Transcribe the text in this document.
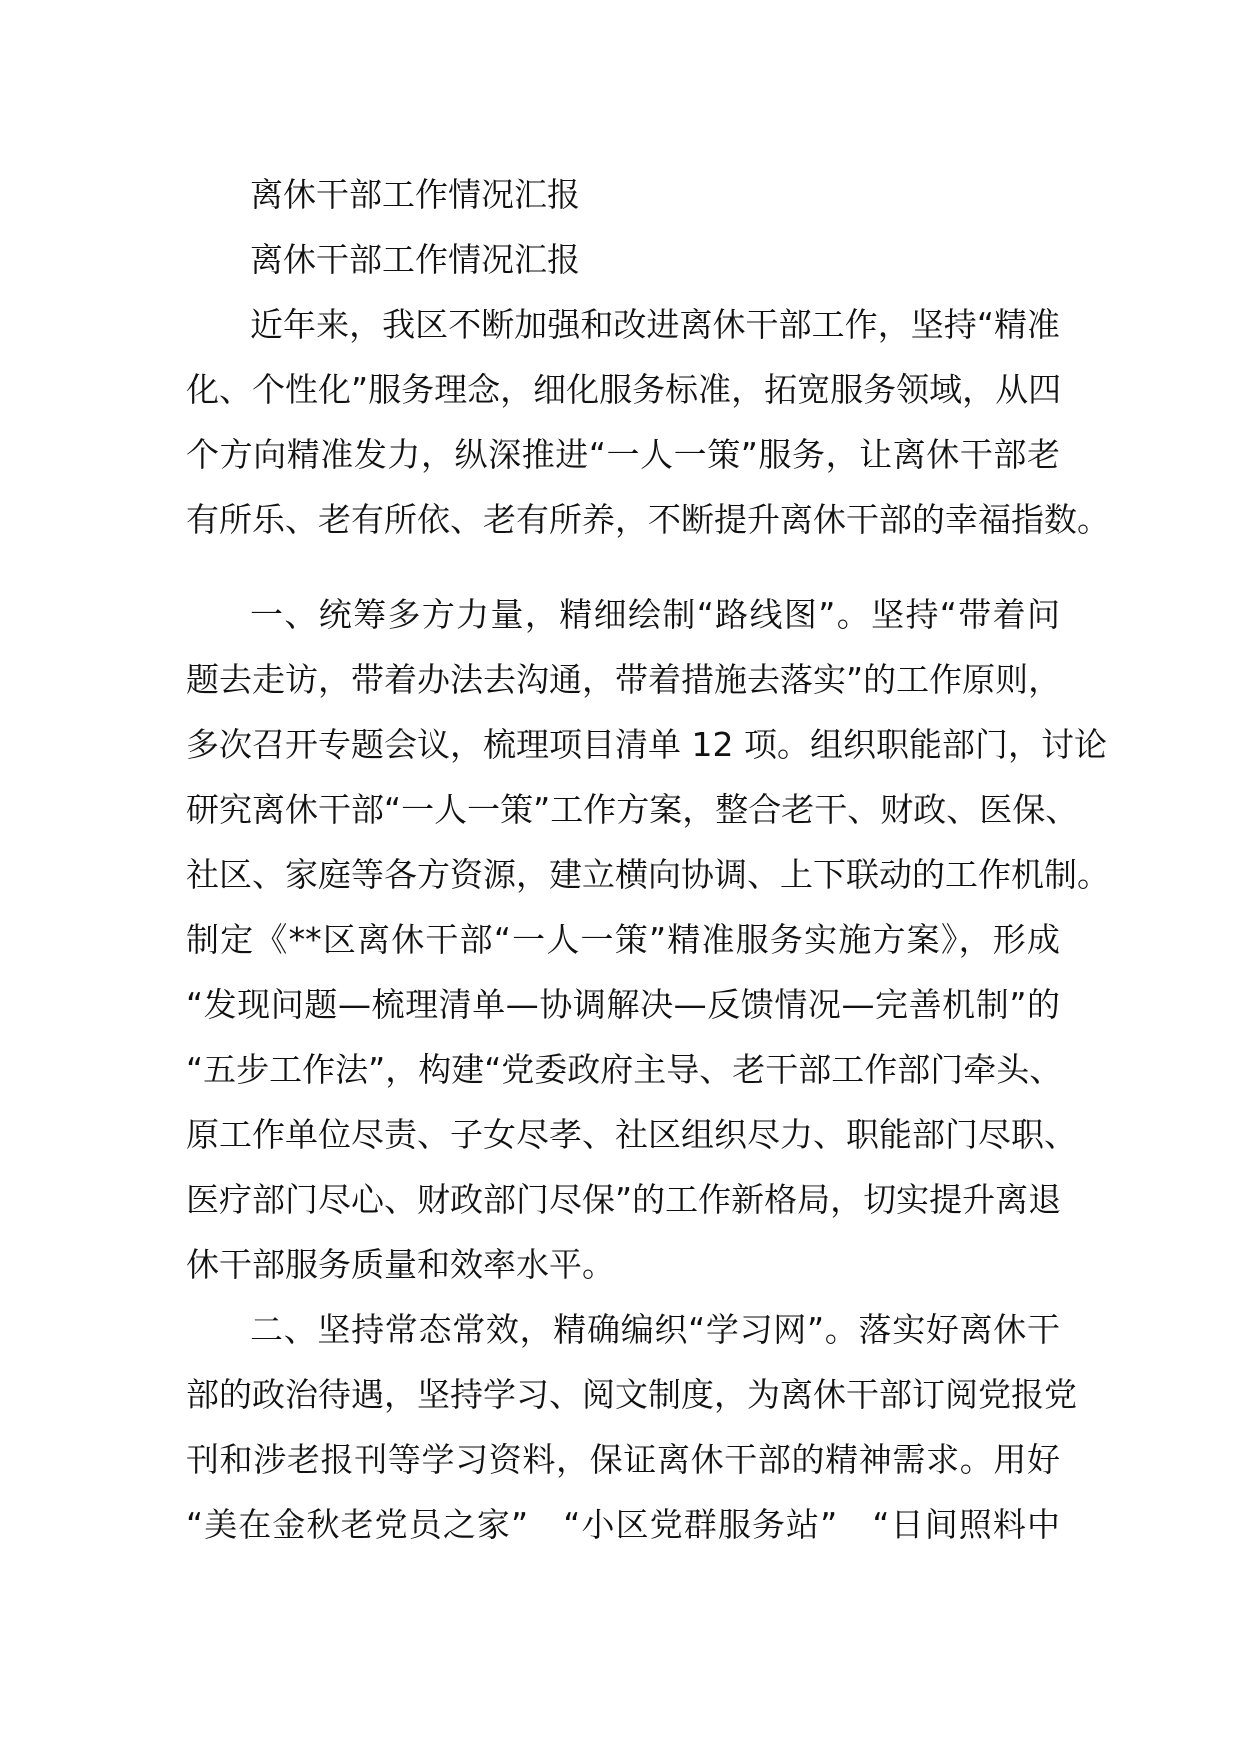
离休干部工作情况汇报
离休干部工作情况汇报
近年来，我区不断加强和改进离休干部工作，坚持“精准
化、个性化”服务理念，细化服务标准，拓宽服务领域，从四
个方向精准发力，纵深推进“一人一策”服务，让离休干部老
有所乐、老有所依、老有所养，不断提升离休干部的幸福指数。
一、统筹多方力量，精细绘制“路线图”。坚持“带着问
题去走访，带着办法去沟通，带着措施去落实”的工作原则，
多次召开专题会议，梳理项目清单 12 项。组织职能部门，讨论
研究离休干部“一人一策”工作方案，整合老干、财政、医保、
社区、家庭等各方资源，建立横向协调、上下联动的工作机制。
制定《**区离休干部“一人一策”精准服务实施方案》，形成
“发现问题—梳理清单—协调解决—反馈情况—完善机制”的
“五步工作法”，构建“党委政府主导、老干部工作部门牵头、
原工作单位尽责、子女尽孝、社区组织尽力、职能部门尽职、
医疗部门尽心、财政部门尽保”的工作新格局，切实提升离退
休干部服务质量和效率水平。
二、坚持常态常效，精确编织“学习网”。落实好离休干
部的政治待遇，坚持学习、阅文制度，为离休干部订阅党报党
刊和涉老报刊等学习资料，保证离休干部的精神需求。用好
“美在金秋老党员之家”　“小区党群服务站”　“日间照料中
